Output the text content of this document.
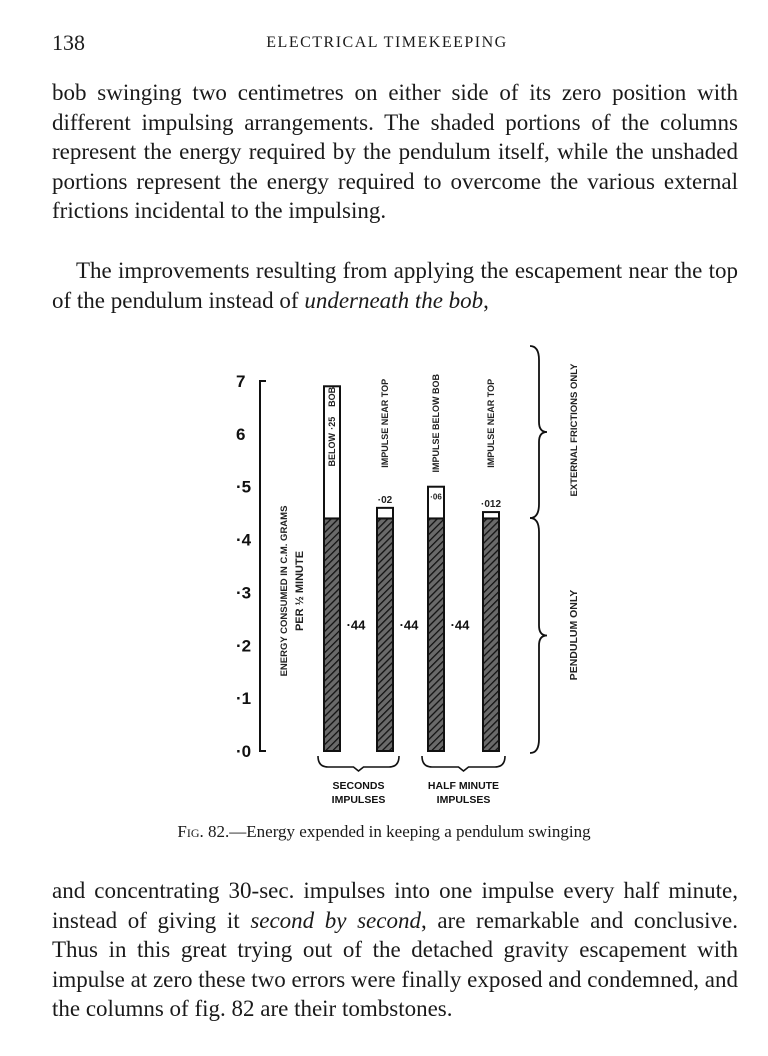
138	ELECTRICAL TIMEKEEPING
bob swinging two centimetres on either side of its zero position with different impulsing arrangements. The shaded portions of the columns represent the energy required by the pendulum itself, while the unshaded portions represent the energy required to overcome the various external frictions incidental to the impulsing.
The improvements resulting from applying the escapement near the top of the pendulum instead of underneath the bob,
·0
·1
·2
·3
·4
·5
6
7
ENERGY CONSUMED IN C.M. GRAMS PER ½ MINUTE
BELOW
BOB
·25
·44
IMPULSE NEAR TOP
·02
·44
IMPULSE BELOW BOB
·06
·44
IMPULSE NEAR TOP
·012
SECONDS
IMPULSES
HALF MINUTE
IMPULSES
EXTERNAL FRICTIONS ONLY
PENDULUM ONLY
Fig. 82.—Energy expended in keeping a pendulum swinging
and concentrating 30-sec. impulses into one impulse every half minute, instead of giving it second by second, are remarkable and conclusive. Thus in this great trying out of the detached gravity escapement with impulse at zero these two errors were finally exposed and condemned, and the columns of fig. 82 are their tombstones.
